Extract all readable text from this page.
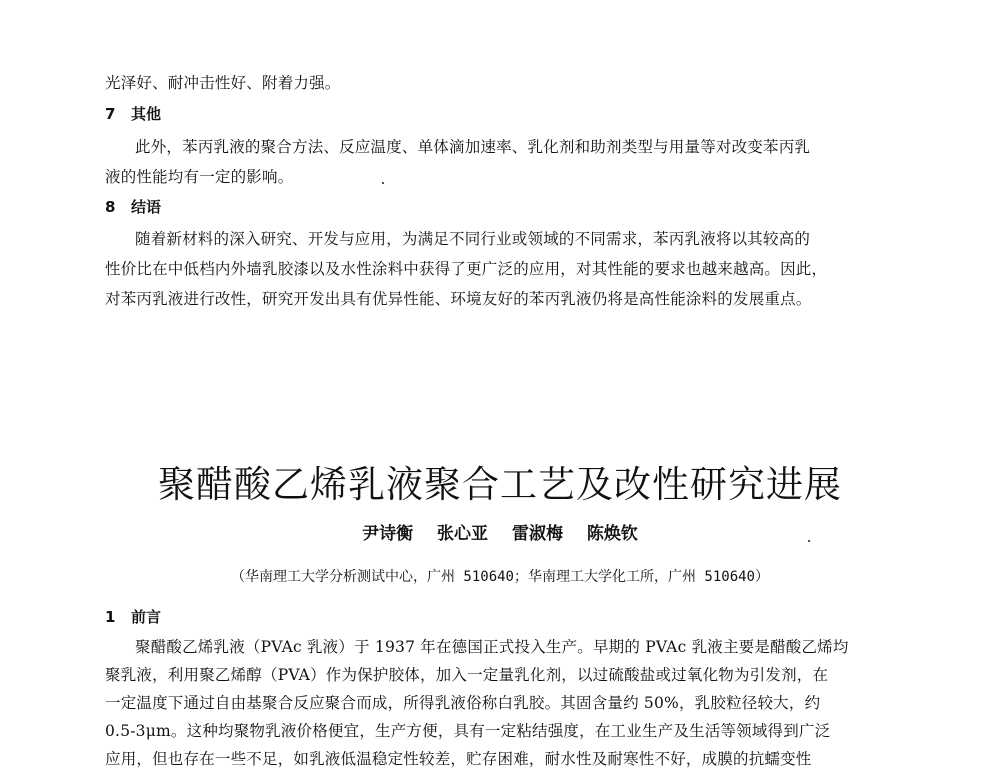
光泽好、耐冲击性好、附着力强。
7 其他
此外，苯丙乳液的聚合方法、反应温度、单体滴加速率、乳化剂和助剂类型与用量等对改变苯丙乳
液的性能均有一定的影响。
8 结语
随着新材料的深入研究、开发与应用，为满足不同行业或领域的不同需求，苯丙乳液将以其较高的
性价比在中低档内外墙乳胶漆以及水性涂料中获得了更广泛的应用，对其性能的要求也越来越高。因此，
对苯丙乳液进行改性，研究开发出具有优异性能、环境友好的苯丙乳液仍将是高性能涂料的发展重点。
聚醋酸乙烯乳液聚合工艺及改性研究进展
尹诗衡 张心亚 雷淑梅 陈焕钦
（华南理工大学分析测试中心，广州 510640；华南理工大学化工所，广州 510640）
1 前言
聚醋酸乙烯乳液（PVAc 乳液）于 1937 年在德国正式投入生产。早期的 PVAc 乳液主要是醋酸乙烯均
聚乳液，利用聚乙烯醇（PVA）作为保护胶体，加入一定量乳化剂，以过硫酸盐或过氧化物为引发剂，在
一定温度下通过自由基聚合反应聚合而成，所得乳液俗称白乳胶。其固含量约 50%，乳胶粒径较大，约
0.5-3μm。这种均聚物乳液价格便宜，生产方便，具有一定粘结强度，在工业生产及生活等领域得到广泛
应用，但也存在一些不足，如乳液低温稳定性较差，贮存困难，耐水性及耐寒性不好，成膜的抗蠕变性
